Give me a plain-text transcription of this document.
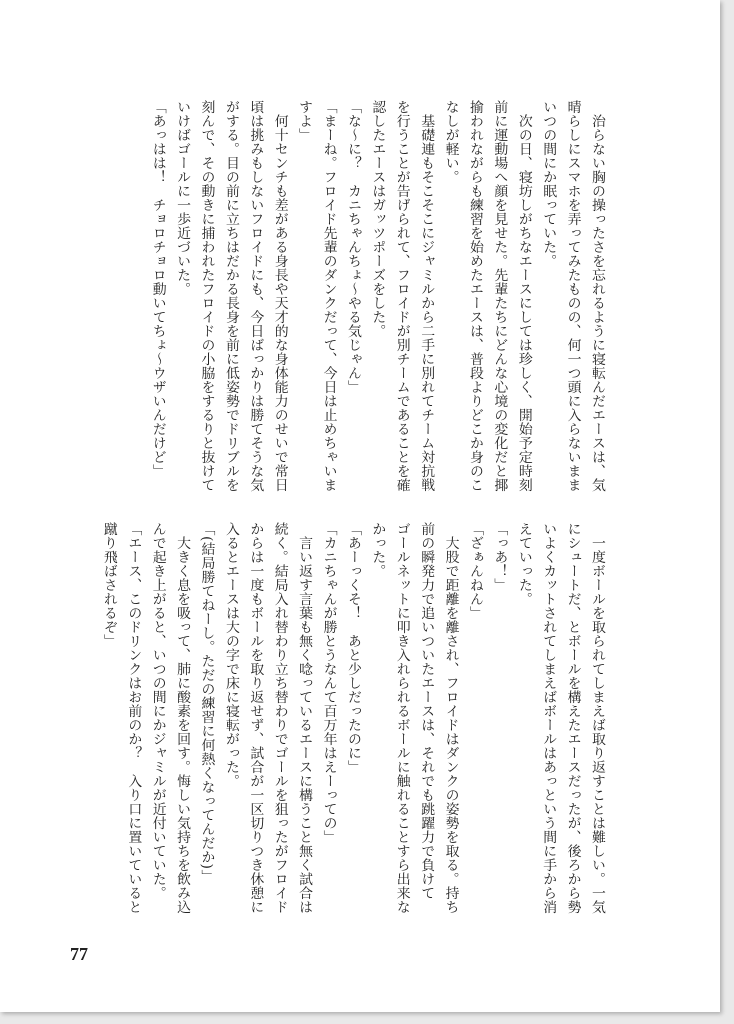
　治らない胸の操ったさを忘れるように寝転んだエースは、気
晴らしにスマホを弄ってみたものの、何一つ頭に入らないまま
いつの間にか眠っていた。
　次の日、寝坊しがちなエースにしては珍しく、開始予定時刻
前に運動場へ顔を見せた。先輩たちにどんな心境の変化だと揶
揄われながらも練習を始めたエースは、普段よりどこか身のこ
なしが軽い。
　基礎連もそこそこにジャミルから二手に別れてチーム対抗戦
を行うことが告げられて、フロイドが別チームであることを確
認したエースはガッツポーズをした。
「な～に？　カニちゃんちょ～やる気じゃん」
「まーね。フロイド先輩のダンクだって、今日は止めちゃいま
すよ」
　何十センチも差がある身長や天才的な身体能力のせいで常日
頃は挑みもしないフロイドにも、今日ばっかりは勝てそうな気
がする。目の前に立ちはだかる長身を前に低姿勢でドリブルを
刻んで、その動きに捕われたフロイドの小脇をするりと抜けて
いけばゴールに一歩近づいた。
「あっはは！　チョロチョロ動いてちょ～ウザいんだけど」
　一度ボールを取られてしまえば取り返すことは難しい。一気
にシュートだ、とボールを構えたエースだったが、後ろから勢
いよくカットされてしまえばボールはあっという間に手から消
えていった。
「っあ！」
「ざぁんねん」
　大股で距離を離され、フロイドはダンクの姿勢を取る。持ち
前の瞬発力で追いついたエースは、それでも跳躍力で負けて
ゴールネットに叩き入れられるボールに触れることすら出来な
かった。
「あーっくそ！　あと少しだったのに」
「カニちゃんが勝とうなんて百万年はえーっての」
　言い返す言葉も無く唸っているエースに構うこと無く試合は
続く。結局入れ替わり立ち替わりでゴールを狙ったがフロイド
からは一度もボールを取り返せず、試合が一区切りつき休憩に
入るとエースは大の字で床に寝転がった。
「(結局勝てねーし。ただの練習に何熱くなってんだか)」
　大きく息を吸って、肺に酸素を回す。悔しい気持ちを飲み込
んで起き上がると、いつの間にかジャミルが近付いていた。
「エース、このドリンクはお前のか？　入り口に置いていると
蹴り飛ばされるぞ」
77
